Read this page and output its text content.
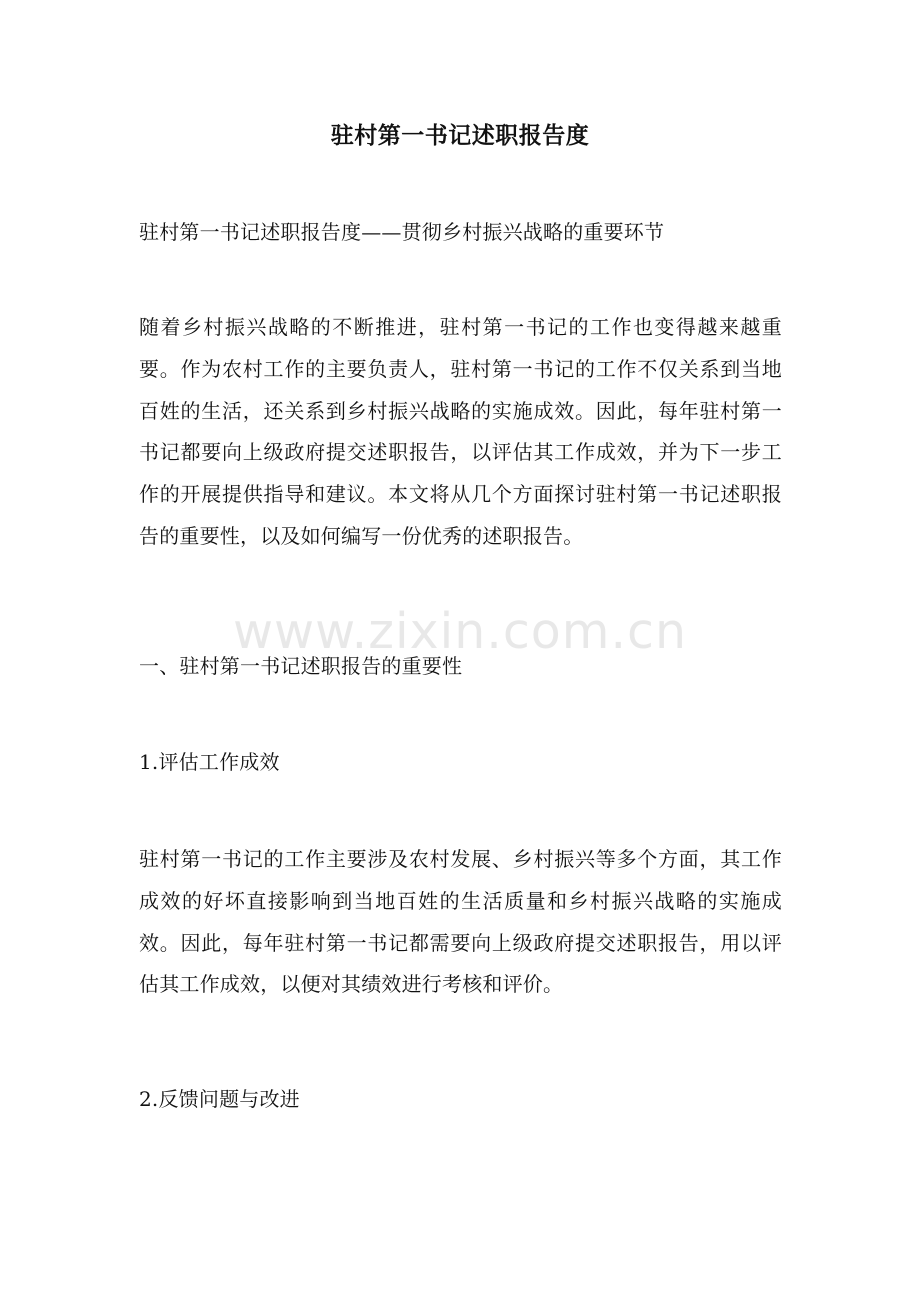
驻村第一书记述职报告度
驻村第一书记述职报告度——贯彻乡村振兴战略的重要环节
随着乡村振兴战略的不断推进，驻村第一书记的工作也变得越来越重要。作为农村工作的主要负责人，驻村第一书记的工作不仅关系到当地百姓的生活，还关系到乡村振兴战略的实施成效。因此，每年驻村第一书记都要向上级政府提交述职报告，以评估其工作成效，并为下一步工作的开展提供指导和建议。本文将从几个方面探讨驻村第一书记述职报告的重要性，以及如何编写一份优秀的述职报告。
www.zixin.com.cn
一、驻村第一书记述职报告的重要性
1.评估工作成效
驻村第一书记的工作主要涉及农村发展、乡村振兴等多个方面，其工作成效的好坏直接影响到当地百姓的生活质量和乡村振兴战略的实施成效。因此，每年驻村第一书记都需要向上级政府提交述职报告，用以评估其工作成效，以便对其绩效进行考核和评价。
2.反馈问题与改进
